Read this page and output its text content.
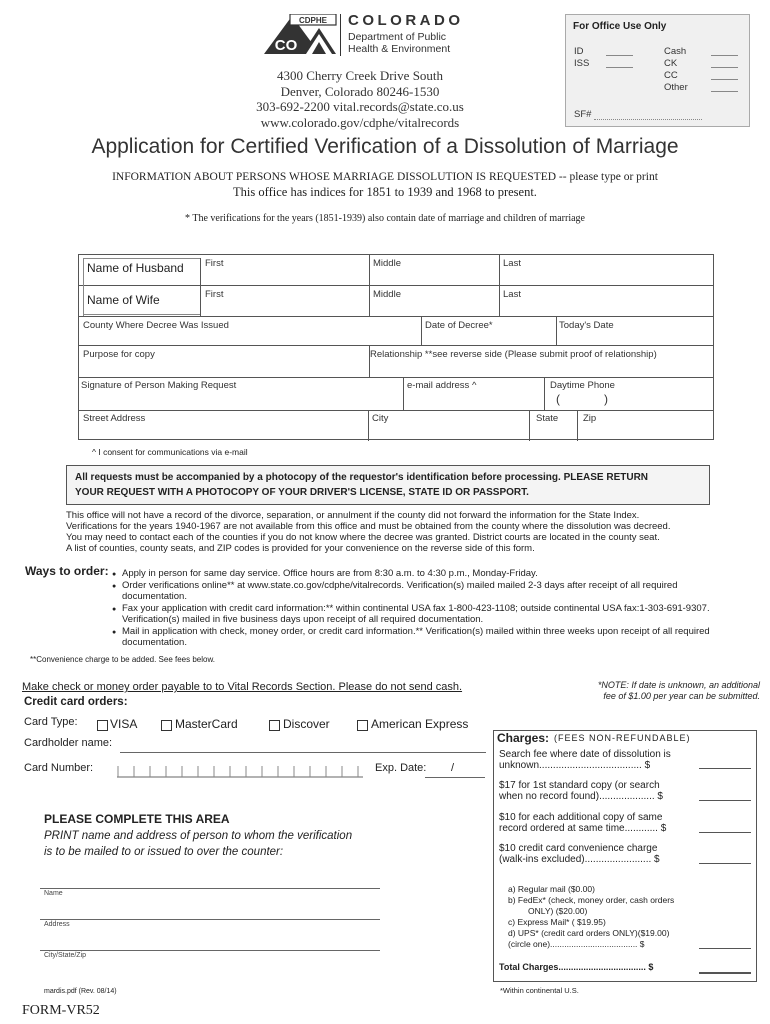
CDPHE
CO
COLORADO
Department of Public
Health & Environment
4300 Cherry Creek Drive South
Denver, Colorado 80246-1530
303-692-2200 vital.records@state.co.us
www.colorado.gov/cdphe/vitalrecords
For Office Use Only
ID
ISS
Cash
CK
CC
Other
SF#
Application for Certified Verification of a Dissolution of Marriage
INFORMATION ABOUT PERSONS WHOSE MARRIAGE DISSOLUTION IS REQUESTED -- please type or print
This office has indices for 1851 to 1939 and 1968 to present.
* The verifications for the years (1851-1939) also contain date of marriage and children of marriage
Name of Husband First	Middle	Last
Name of Wife	First	Middle	Last
County Where Decree Was Issued	Date of Decree*	Today's Date
Purpose for copy	Relationship **see reverse side (Please submit proof of relationship)
Signature of Person Making Request	e-mail address ^	Daytime Phone
(	)
Street Address	City	State	Zip
^ I consent for communications via e-mail
All requests must be accompanied by a photocopy of the requestor's identification before processing. PLEASE RETURN
YOUR REQUEST WITH A PHOTOCOPY OF YOUR DRIVER'S LICENSE, STATE ID OR PASSPORT.
This office will not have a record of the divorce, separation, or annulment if the county did not forward the information for the State Index.
Verifications for the years 1940-1967 are not available from this office and must be obtained from the county where the dissolution was decreed.
You may need to contact each of the counties if you do not know where the decree was granted. District courts are located in the county seat.
A list of counties, county seats, and ZIP codes is provided for your convenience on the reverse side of this form.
Ways to order:
●	Apply in person for same day service. Office hours are from 8:30 a.m. to 4:30 p.m., Monday-Friday.
● Order verifications online** at www.state.co.gov/cdphe/vitalrecords. Verification(s) mailed mailed 2-3 days after receipt of all required documentation.
● Fax your application with credit card information:** within continental USA fax 1-800-423-1108; outside continental USA fax:1-303-691-9307. Verification(s) mailed in five business days upon receipt of all required documentation.
● Mail in application with check, money order, or credit card information.** Verification(s) mailed within three weeks upon receipt of all required documentation.
**Convenience charge to be added. See fees below.
Make check or money order payable to to Vital Records Section. Please do not send cash.
Credit card orders:
Card Type:	VISA	MasterCard	Discover	American Express
Cardholder name:
Card Number:	Exp. Date: /
PLEASE COMPLETE THIS AREA
PRINT name and address of person to whom the verification
is to be mailed to or issued to over the counter:
Name
Address
City/State/Zip
mardis.pdf (Rev. 08/14)
FORM-VR52
*NOTE: If date is unknown, an additional
fee of $1.00 per year can be submitted.
Charges: (FEES NON-REFUNDABLE)
Search fee where date of dissolution is
unknown..................................... $
$17 for 1st standard copy (or search
when no record found).................... $
$10 for each additional copy of same
record ordered at same time............ $
$10 credit card convenience charge
(walk-ins excluded)........................ $
a) Regular mail ($0.00)
b) FedEx* (check, money order, cash orders
ONLY) ($20.00)
c) Express Mail* ( $19.95)
d) UPS* (credit card orders ONLY)($19.00)
(circle one)..................................... $
Total Charges................................... $
*Within continental U.S.
